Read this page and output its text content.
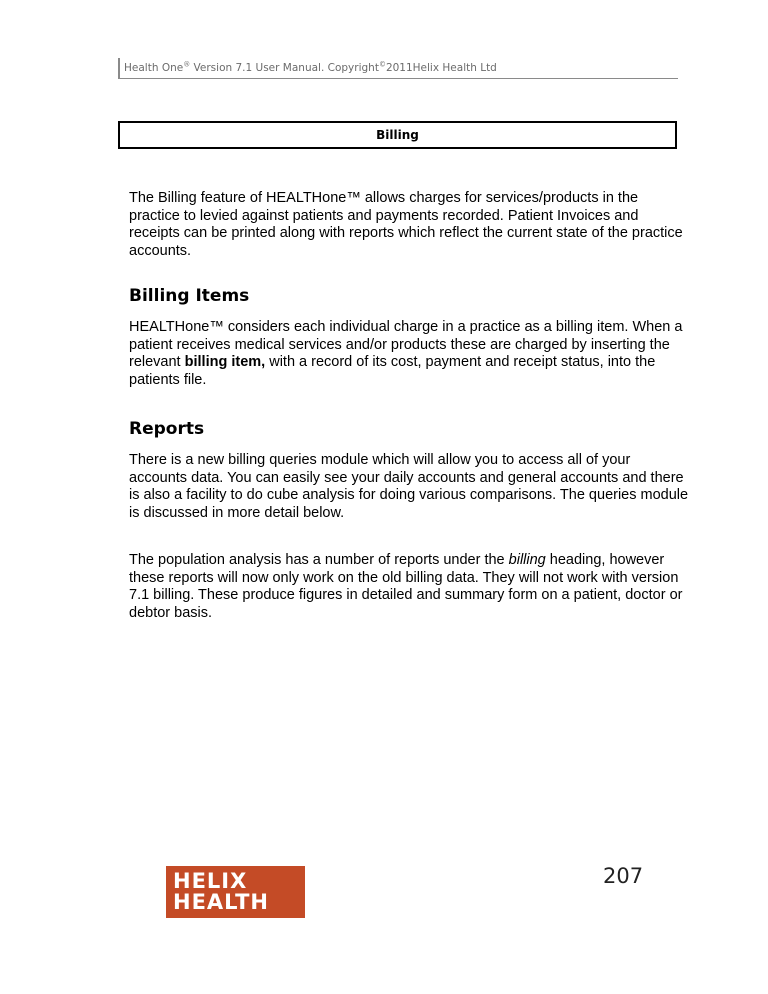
Health One® Version 7.1 User Manual. Copyright©2011Helix Health Ltd
Billing

The Billing feature of HEALTHone™ allows charges for services/products in the practice to levied against patients and payments recorded. Patient Invoices and receipts can be printed along with reports which reflect the current state of the practice accounts.

Billing Items

HEALTHone™ considers each individual charge in a practice as a billing item. When a patient receives medical services and/or products these are charged by inserting the relevant billing item, with a record of its cost, payment and receipt status, into the patients file.

Reports

There is a new billing queries module which will allow you to access all of your accounts data. You can easily see your daily accounts and general accounts and there is also a facility to do cube analysis for doing various comparisons. The queries module is discussed in more detail below.

The population analysis has a number of reports under the billing heading, however these reports will now only work on the old billing data. They will not work with version 7.1 billing. These produce figures in detailed and summary form on a patient, doctor or debtor basis.

HELIX
HEALTH
207
